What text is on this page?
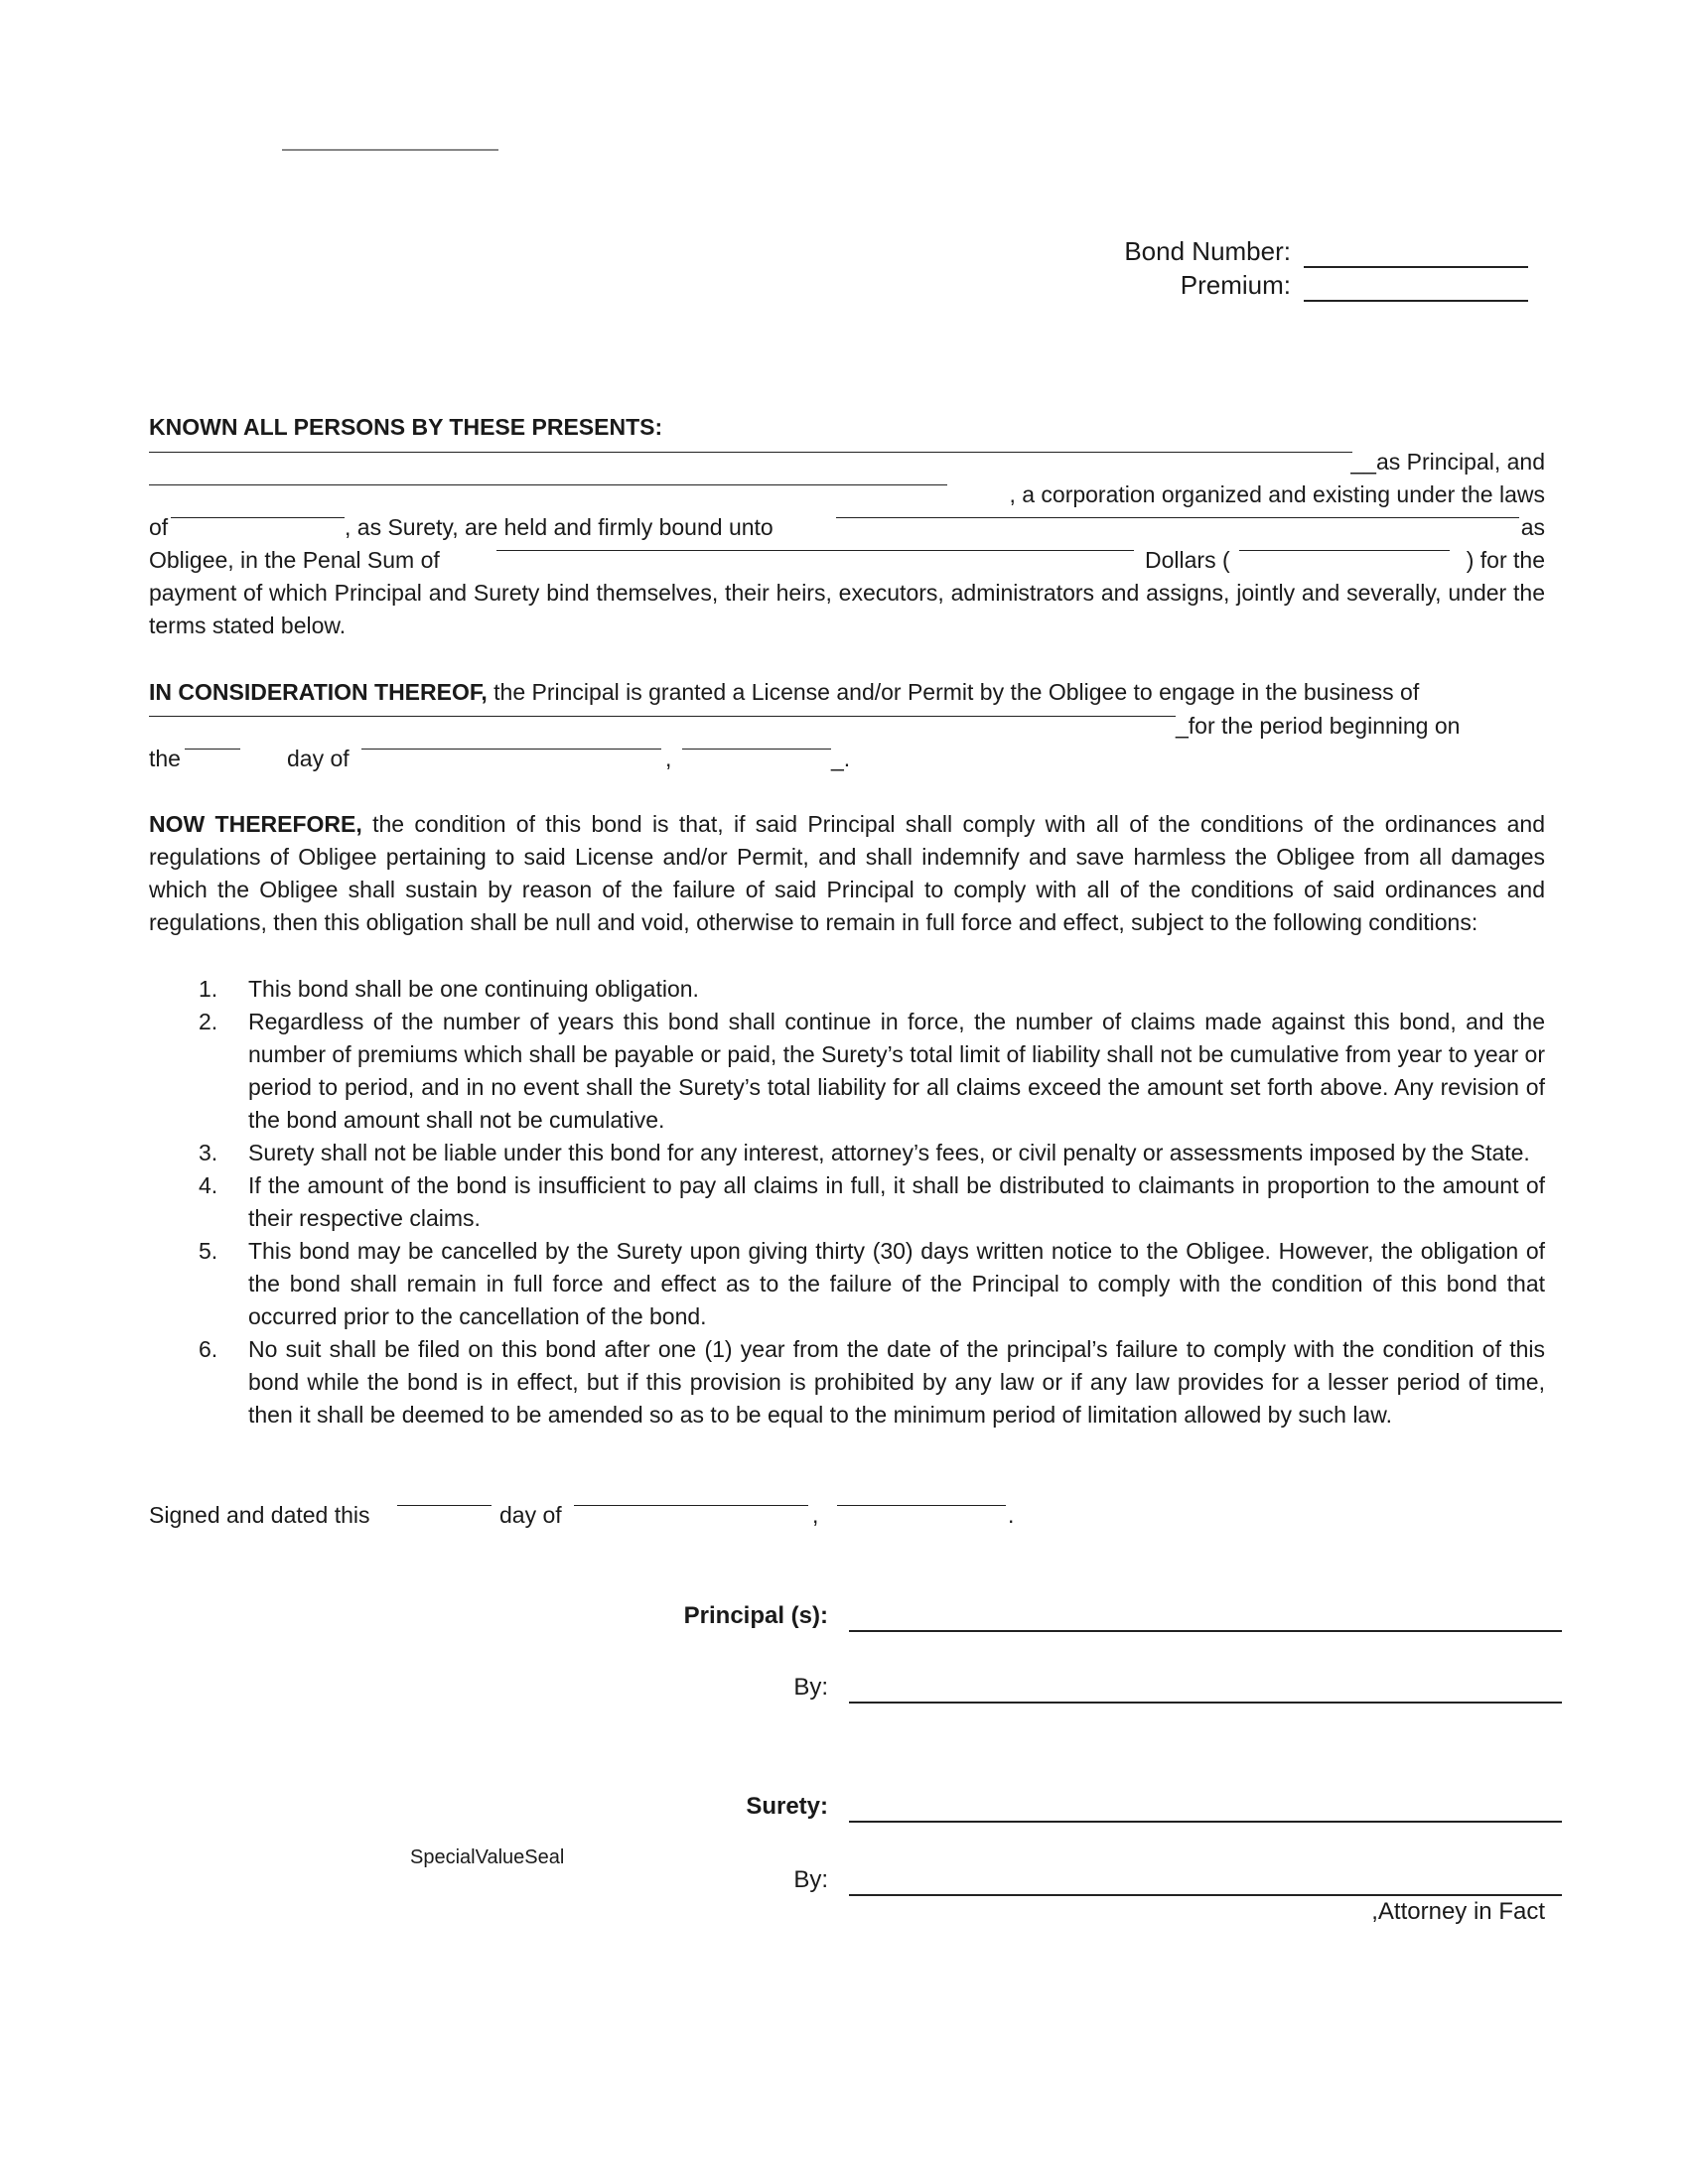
Bond Number:
Premium:
KNOWN ALL PERSONS BY THESE PRESENTS:
__as Principal, and
, a corporation organized and existing under the laws
of	, as Surety, are held and firmly bound unto	as
Obligee, in the Penal Sum of	Dollars (	) for the
payment of which Principal and Surety bind themselves, their heirs, executors, administrators and assigns, jointly and severally, under the terms stated below.
IN CONSIDERATION THEREOF, the Principal is granted a License and/or Permit by the Obligee to engage in the business of
_for the period beginning on
the	day of	,	_.
NOW THEREFORE, the condition of this bond is that, if said Principal shall comply with all of the conditions of the ordinances and regulations of Obligee pertaining to said License and/or Permit, and shall indemnify and save harmless the Obligee from all damages which the Obligee shall sustain by reason of the failure of said Principal to comply with all of the conditions of said ordinances and regulations, then this obligation shall be null and void, otherwise to remain in full force and effect, subject to the following conditions:
1. This bond shall be one continuing obligation.
2. Regardless of the number of years this bond shall continue in force, the number of claims made against this bond, and the number of premiums which shall be payable or paid, the Surety’s total limit of liability shall not be cumulative from year to year or period to period, and in no event shall the Surety’s total liability for all claims exceed the amount set forth above. Any revision of the bond amount shall not be cumulative.
3. Surety shall not be liable under this bond for any interest, attorney’s fees, or civil penalty or assessments imposed by the State.
4. If the amount of the bond is insufficient to pay all claims in full, it shall be distributed to claimants in proportion to the amount of their respective claims.
5. This bond may be cancelled by the Surety upon giving thirty (30) days written notice to the Obligee. However, the obligation of the bond shall remain in full force and effect as to the failure of the Principal to comply with the condition of this bond that occurred prior to the cancellation of the bond.
6. No suit shall be filed on this bond after one (1) year from the date of the principal’s failure to comply with the condition of this bond while the bond is in effect, but if this provision is prohibited by any law or if any law provides for a lesser period of time, then it shall be deemed to be amended so as to be equal to the minimum period of limitation allowed by such law.
Signed and dated this	day of	,	.
Principal (s):
By:
Surety:
SpecialValueSeal
By:
,Attorney in Fact
